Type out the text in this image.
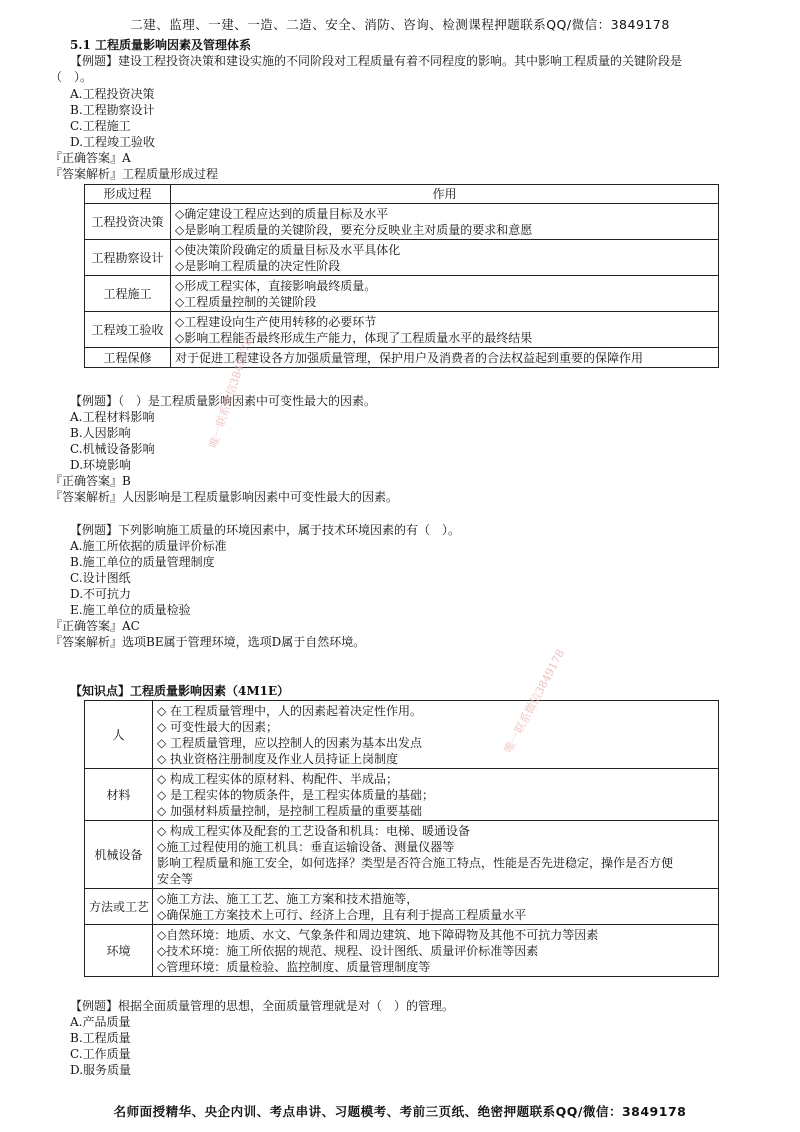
二建、监理、一建、一造、二造、安全、消防、咨询、检测课程押题联系QQ/微信：3849178
5.1 工程质量影响因素及管理体系
【例题】建设工程投资决策和建设实施的不同阶段对工程质量有着不同程度的影响。其中影响工程质量的关键阶段是
（　）。
A.工程投资决策
B.工程勘察设计
C.工程施工
D.工程竣工验收
『正确答案』A
『答案解析』工程质量形成过程
形成过程	作用
工程投资决策	◇确定建设工程应达到的质量目标及水平
◇是影响工程质量的关键阶段，要充分反映业主对质量的要求和意愿

工程勘察设计	◇使决策阶段确定的质量目标及水平具体化
◇是影响工程质量的决定性阶段

工程施工	◇形成工程实体，直接影响最终质量。
◇工程质量控制的关键阶段

工程竣工验收	◇工程建设向生产使用转移的必要环节
◇影响工程能否最终形成生产能力，体现了工程质量水平的最终结果

工程保修	对于促进工程建设各方加强质量管理，保护用户及消费者的合法权益起到重要的保障作用
【例题】（　）是工程质量影响因素中可变性最大的因素。
A.工程材料影响
B.人因影响
C.机械设备影响
D.环境影响
『正确答案』B
『答案解析』人因影响是工程质量影响因素中可变性最大的因素。
【例题】下列影响施工质量的环境因素中，属于技术环境因素的有（　）。
A.施工所依据的质量评价标准
B.施工单位的质量管理制度
C.设计图纸
D.不可抗力
E.施工单位的质量检验
『正确答案』AC
『答案解析』选项BE属于管理环境，选项D属于自然环境。
【知识点】工程质量影响因素（4M1E）
人	◇ 在工程质量管理中，人的因素起着决定性作用。
◇ 可变性最大的因素；
◇ 工程质量管理，应以控制人的因素为基本出发点
◇ 执业资格注册制度及作业人员持证上岗制度

材料	◇ 构成工程实体的原材料、构配件、半成品；
◇ 是工程实体的物质条件，是工程实体质量的基础；
◇ 加强材料质量控制，是控制工程质量的重要基础

机械设备	◇ 构成工程实体及配套的工艺设备和机具：电梯、暖通设备
◇施工过程使用的施工机具：垂直运输设备、测量仪器等
影响工程质量和施工安全，如何选择？类型是否符合施工特点，性能是否先进稳定，操作是否方便
安全等

方法或工艺	◇施工方法、施工工艺、施工方案和技术措施等，
◇确保施工方案技术上可行、经济上合理，且有利于提高工程质量水平

环境	◇自然环境：地质、水文、气象条件和周边建筑、地下障碍物及其他不可抗力等因素
◇技术环境：施工所依据的规范、规程、设计图纸、质量评价标准等因素
◇管理环境：质量检验、监控制度、质量管理制度等
【例题】根据全面质量管理的思想，全面质量管理就是对（　）的管理。
A.产品质量
B.工程质量
C.工作质量
D.服务质量
唯一联系微信3849178
唯一联系微信3849178
名师面授精华、央企内训、考点串讲、习题模考、考前三页纸、绝密押题联系QQ/微信：3849178
